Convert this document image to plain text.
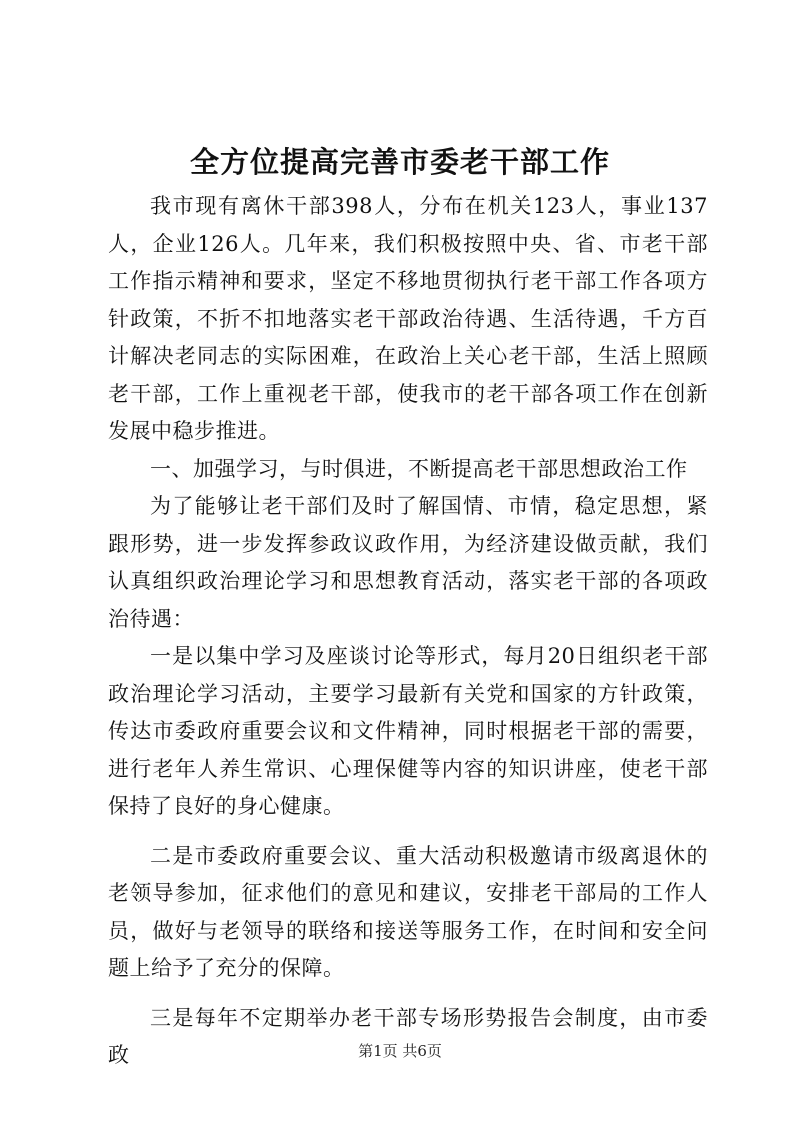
全方位提高完善市委老干部工作

我市现有离休干部398人，分布在机关123人，事业137人，企业126人。几年来，我们积极按照中央、省、市老干部工作指示精神和要求，坚定不移地贯彻执行老干部工作各项方针政策，不折不扣地落实老干部政治待遇、生活待遇，千方百计解决老同志的实际困难，在政治上关心老干部，生活上照顾老干部，工作上重视老干部，使我市的老干部各项工作在创新发展中稳步推进。

一、加强学习，与时俱进，不断提高老干部思想政治工作

为了能够让老干部们及时了解国情、市情，稳定思想，紧跟形势，进一步发挥参政议政作用，为经济建设做贡献，我们认真组织政治理论学习和思想教育活动，落实老干部的各项政治待遇：

一是以集中学习及座谈讨论等形式，每月20日组织老干部政治理论学习活动，主要学习最新有关党和国家的方针政策，传达市委政府重要会议和文件精神，同时根据老干部的需要，进行老年人养生常识、心理保健等内容的知识讲座，使老干部保持了良好的身心健康。

二是市委政府重要会议、重大活动积极邀请市级离退休的老领导参加，征求他们的意见和建议，安排老干部局的工作人员，做好与老领导的联络和接送等服务工作，在时间和安全问题上给予了充分的保障。

三是每年不定期举办老干部专场形势报告会制度，由市委政	第1页 共6页
